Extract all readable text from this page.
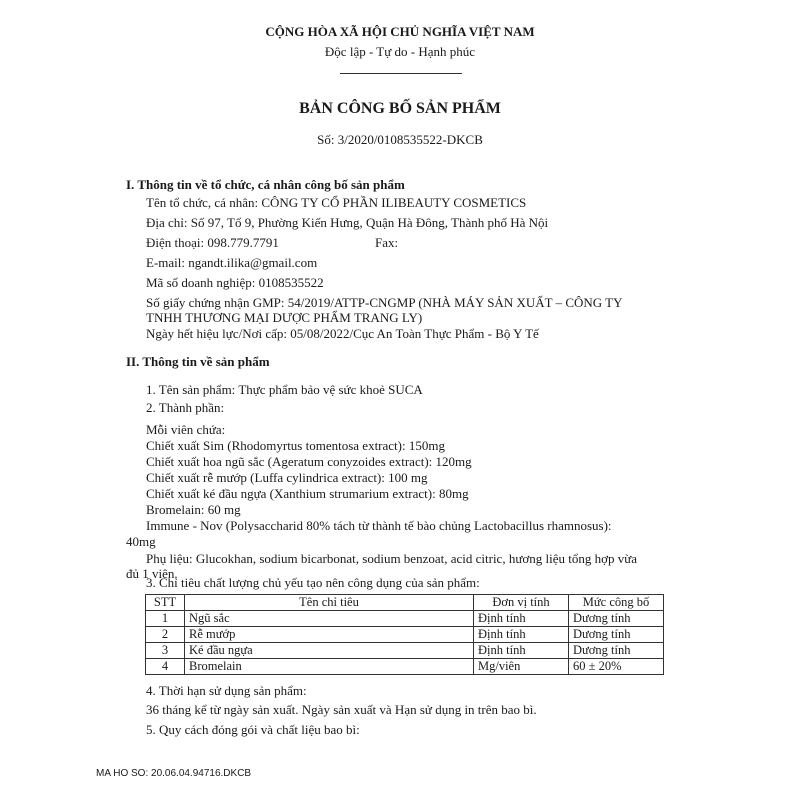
CỘNG HÒA XÃ HỘI CHỦ NGHĨA VIỆT NAM
Độc lập - Tự do - Hạnh phúc
BẢN CÔNG BỐ SẢN PHẨM
Số: 3/2020/0108535522-DKCB
I. Thông tin về tổ chức, cá nhân công bố sản phẩm
Tên tổ chức, cá nhân: CÔNG TY CỔ PHẦN ILIBEAUTY COSMETICS
Địa chỉ: Số 97, Tổ 9, Phường Kiến Hưng, Quận Hà Đông, Thành phố Hà Nội
Điện thoại: 098.779.7791	Fax:
E-mail: ngandt.ilika@gmail.com
Mã số doanh nghiệp: 0108535522
Số giấy chứng nhận GMP: 54/2019/ATTP-CNGMP (NHÀ MÁY SẢN XUẤT – CÔNG TY
TNHH THƯƠNG MẠI DƯỢC PHẨM TRANG LY)
Ngày hết hiệu lực/Nơi cấp: 05/08/2022/Cục An Toàn Thực Phẩm - Bộ Y Tế
II. Thông tin về sản phẩm
1. Tên sản phẩm: Thực phẩm bảo vệ sức khoẻ SUCA
2. Thành phần:
Mỗi viên chứa:
Chiết xuất Sim (Rhodomyrtus tomentosa extract): 150mg
Chiết xuất hoa ngũ sắc (Ageratum conyzoides extract): 120mg
Chiết xuất rễ mướp (Luffa cylindrica extract): 100 mg
Chiết xuất ké đầu ngựa (Xanthium strumarium extract): 80mg
Bromelain: 60 mg
Immune - Nov (Polysaccharid 80% tách từ thành tế bào chủng Lactobacillus rhamnosus):
40mg
Phụ liệu: Glucokhan, sodium bicarbonat, sodium benzoat, acid citric, hương liệu tổng hợp vừa
đủ 1 viên.
3. Chỉ tiêu chất lượng chủ yếu tạo nên công dụng của sản phẩm:
STT	Tên chỉ tiêu	Đơn vị tính	Mức công bố
1	Ngũ sắc	Định tính	Dương tính
2	Rễ mướp	Định tính	Dương tính
3	Ké đầu ngựa	Định tính	Dương tính
4	Bromelain	Mg/viên	60 ± 20%
4. Thời hạn sử dụng sản phẩm:
36 tháng kể từ ngày sản xuất. Ngày sản xuất và Hạn sử dụng in trên bao bì.
5. Quy cách đóng gói và chất liệu bao bì:
MA HO SO: 20.06.04.94716.DKCB
